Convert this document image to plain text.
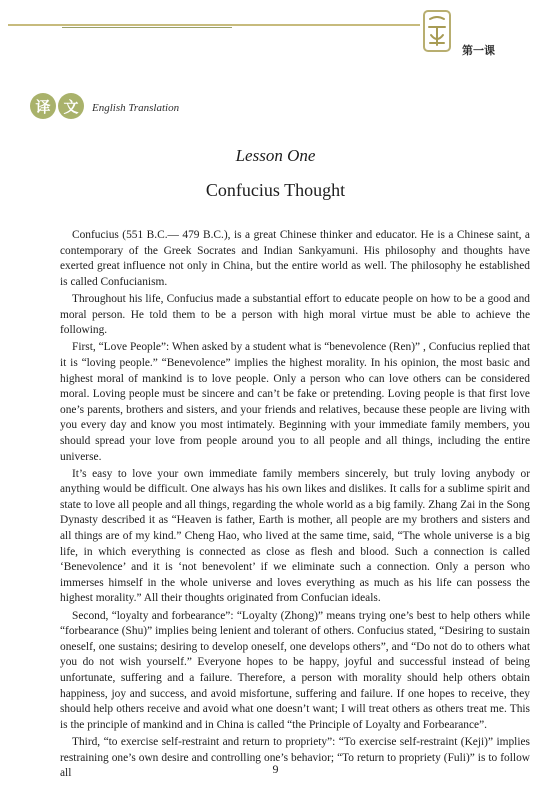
第一课
译 文	English Translation
Lesson One
Confucius Thought

Confucius (551 B.C.— 479 B.C.), is a great Chinese thinker and educator. He is a Chinese saint, a contemporary of the Greek Socrates and Indian Sankyamuni. His philosophy and thoughts have exerted great influence not only in China, but the entire world as well. The philosophy he established is called Confucianism.

Throughout his life, Confucius made a substantial effort to educate people on how to be a good and moral person. He told them to be a person with high moral virtue must be able to achieve the following.

First, “Love People”: When asked by a student what is “benevolence (Ren)” , Confucius replied that it is “loving people.” “Benevolence” implies the highest morality. In his opinion, the most basic and highest moral of mankind is to love people. Only a person who can love others can be considered moral. Loving people must be sincere and can’t be fake or pretending. Loving people is that first love one’s parents, brothers and sisters, and your friends and relatives, because these people are living with you every day and know you most intimately. Beginning with your immediate family members, you should spread your love from people around you to all people and all things, including the entire universe.

It’s easy to love your own immediate family members sincerely, but truly loving anybody or anything would be difficult. One always has his own likes and dislikes. It calls for a sublime spirit and state to love all people and all things, regarding the whole world as a big family. Zhang Zai in the Song Dynasty described it as “Heaven is father, Earth is mother, all people are my brothers and sisters and all things are of my kind.” Cheng Hao, who lived at the same time, said, “The whole universe is a big life, in which everything is connected as close as flesh and blood. Such a connection is called ‘Benevolence’ and it is ‘not benevolent’ if we eliminate such a connection. Only a person who immerses himself in the whole universe and loves everything as much as his life can possess the highest morality.” All their thoughts originated from Confucian ideals.

Second, “loyalty and forbearance”: “Loyalty (Zhong)” means trying one’s best to help others while “forbearance (Shu)” implies being lenient and tolerant of others. Confucius stated, “Desiring to sustain oneself, one sustains; desiring to develop oneself, one develops others”, and “Do not do to others what you do not wish yourself.” Everyone hopes to be happy, joyful and successful instead of being unfortunate, suffering and a failure. Therefore, a person with morality should help others obtain happiness, joy and success, and avoid misfortune, suffering and failure. If one hopes to receive, they should help others receive and avoid what one doesn’t want; I will treat others as others treat me. This is the principle of mankind and in China is called “the Principle of Loyalty and Forbearance”.

Third, “to exercise self-restraint and return to propriety”: “To exercise self-restraint (Keji)” implies restraining one’s own desire and controlling one’s behavior; “To return to propriety (Fuli)” is to follow all	9
